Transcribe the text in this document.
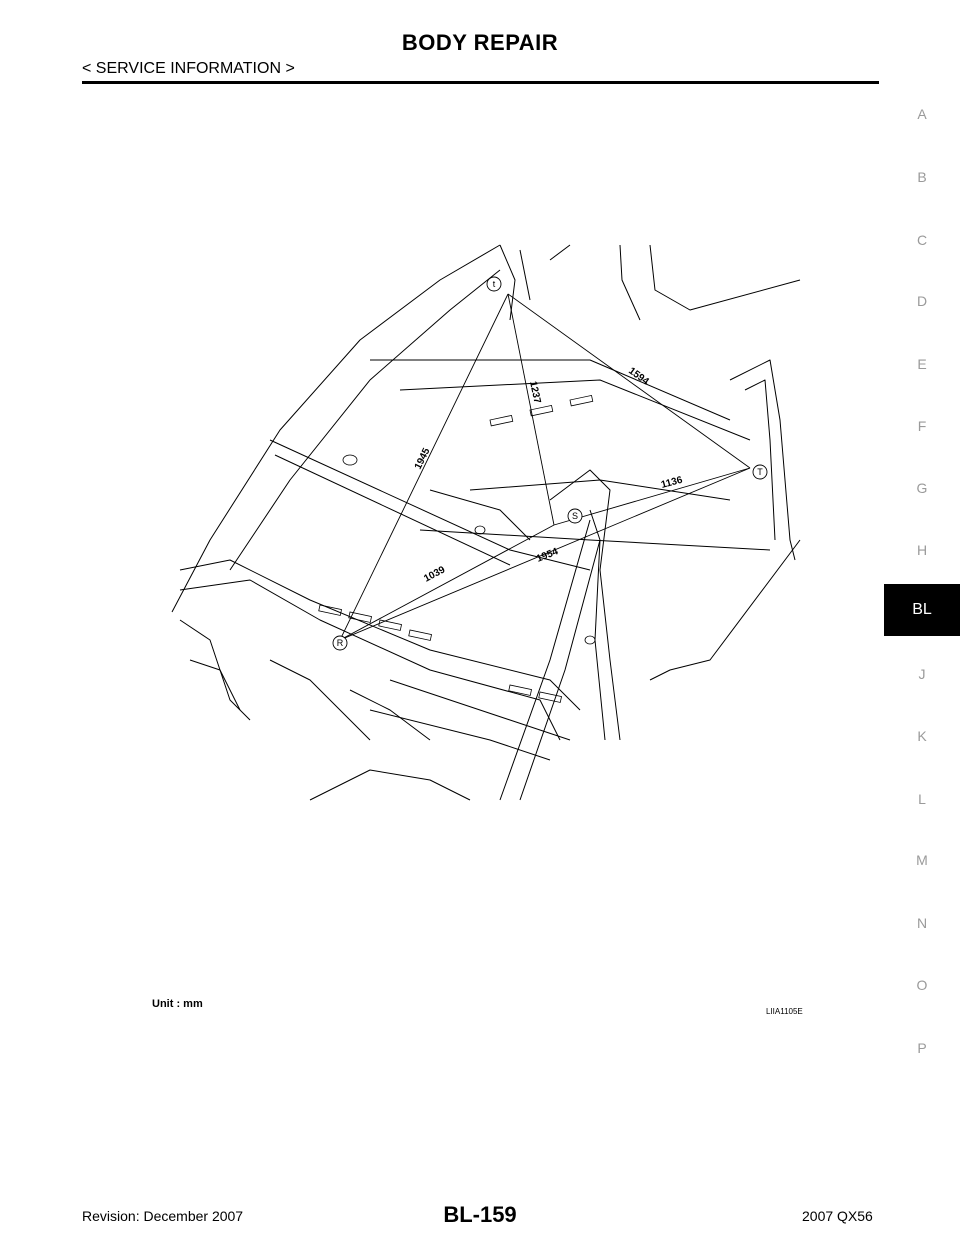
BODY REPAIR
< SERVICE INFORMATION >
A
B
C
D
E
F
G
H
BL
J
K
L
M
N
O
P
t
T
S
R
1594
1237
1945
1136
1954
1039
Unit : mm
LIIA1105E
Revision: December 2007	BL-159	2007 QX56
